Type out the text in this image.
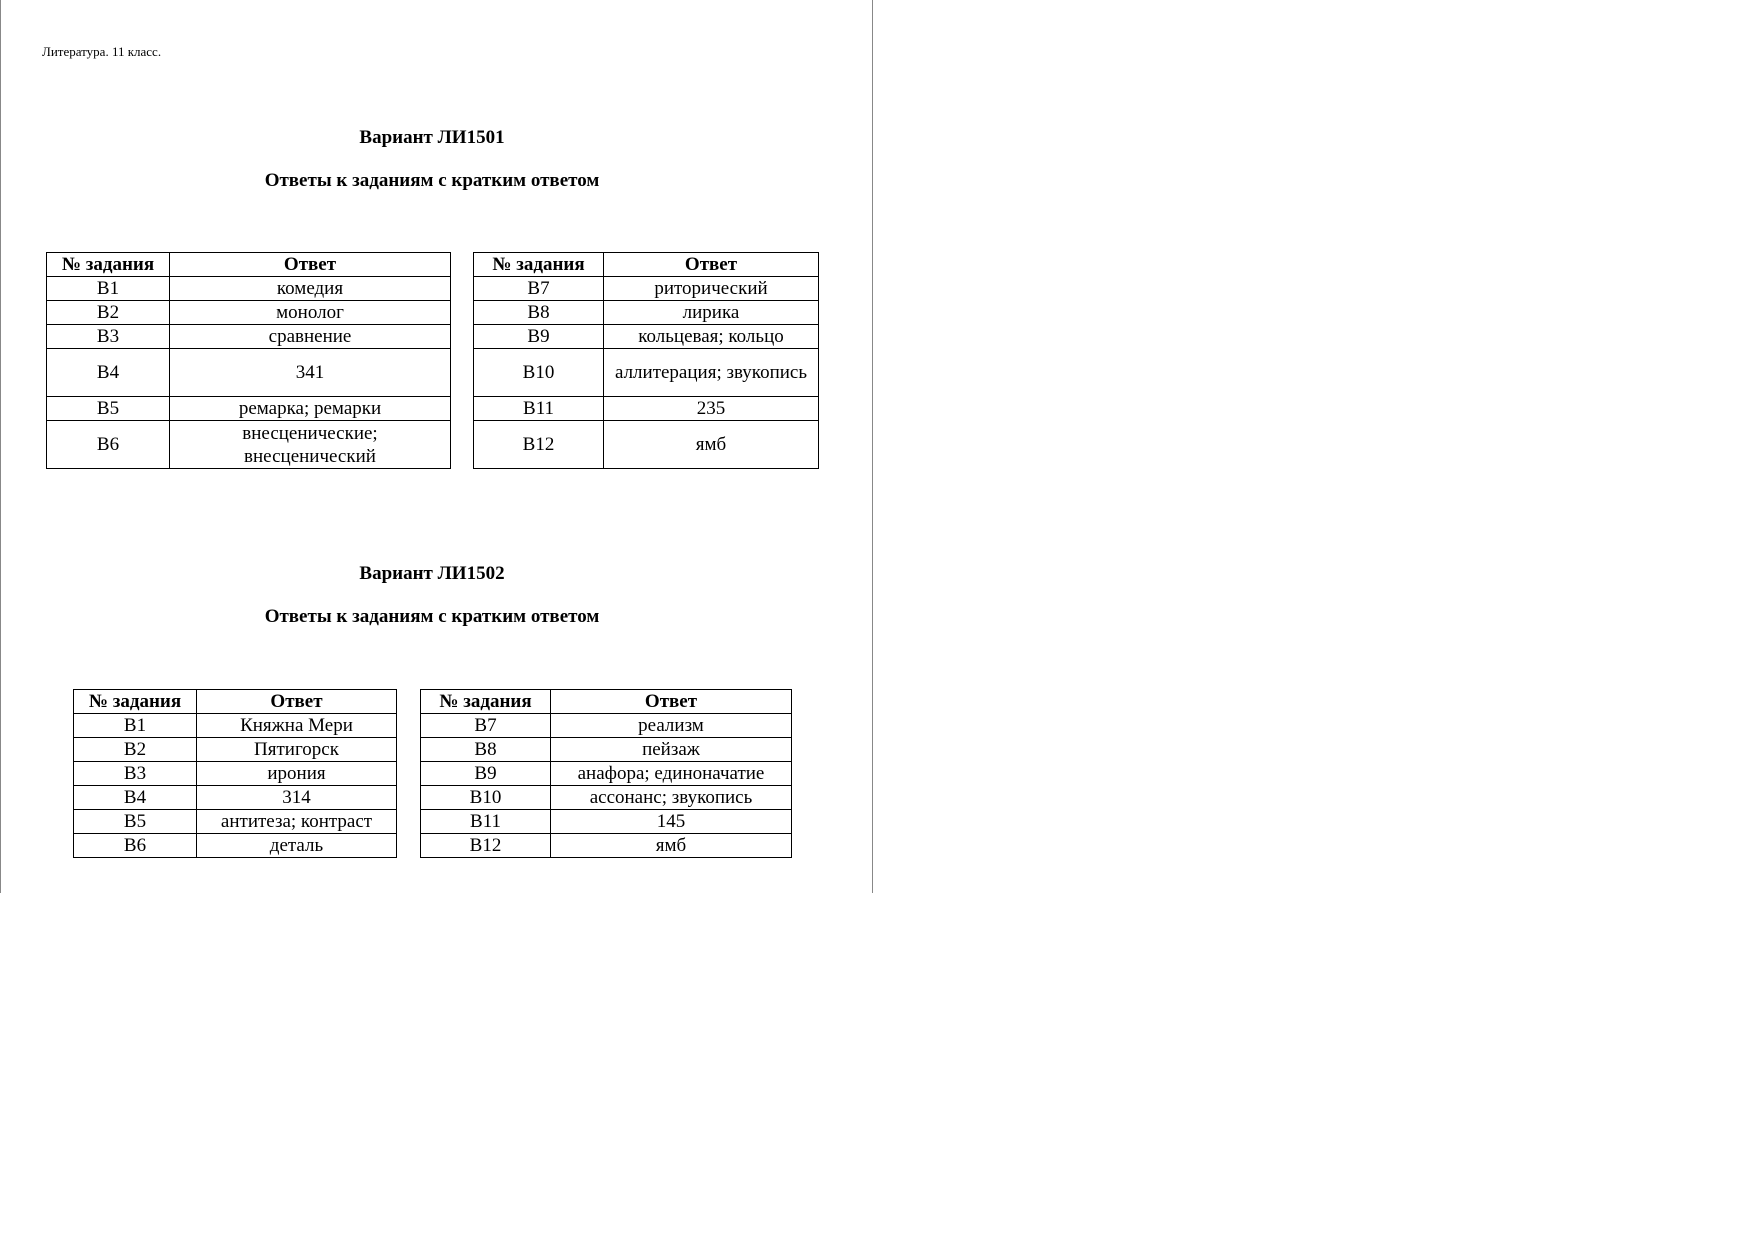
Литература. 11 класс.
Вариант ЛИ1501
Ответы к заданиям с кратким ответом
№ задания	Ответ
B1	комедия
B2	монолог
B3	сравнение
B4	341
B5	ремарка; ремарки
B6	внесценические; внесценический
№ задания	Ответ
B7	риторический
B8	лирика
B9	кольцевая; кольцо
B10	аллитерация; звукопись
B11	235
B12	ямб
Вариант ЛИ1502
Ответы к заданиям с кратким ответом
№ задания	Ответ
B1	Княжна Мери
B2	Пятигорск
B3	ирония
B4	314
B5	антитеза; контраст
B6	деталь
№ задания	Ответ
B7	реализм
B8	пейзаж
B9	анафора; единоначатие
B10	ассонанс; звукопись
B11	145
B12	ямб
